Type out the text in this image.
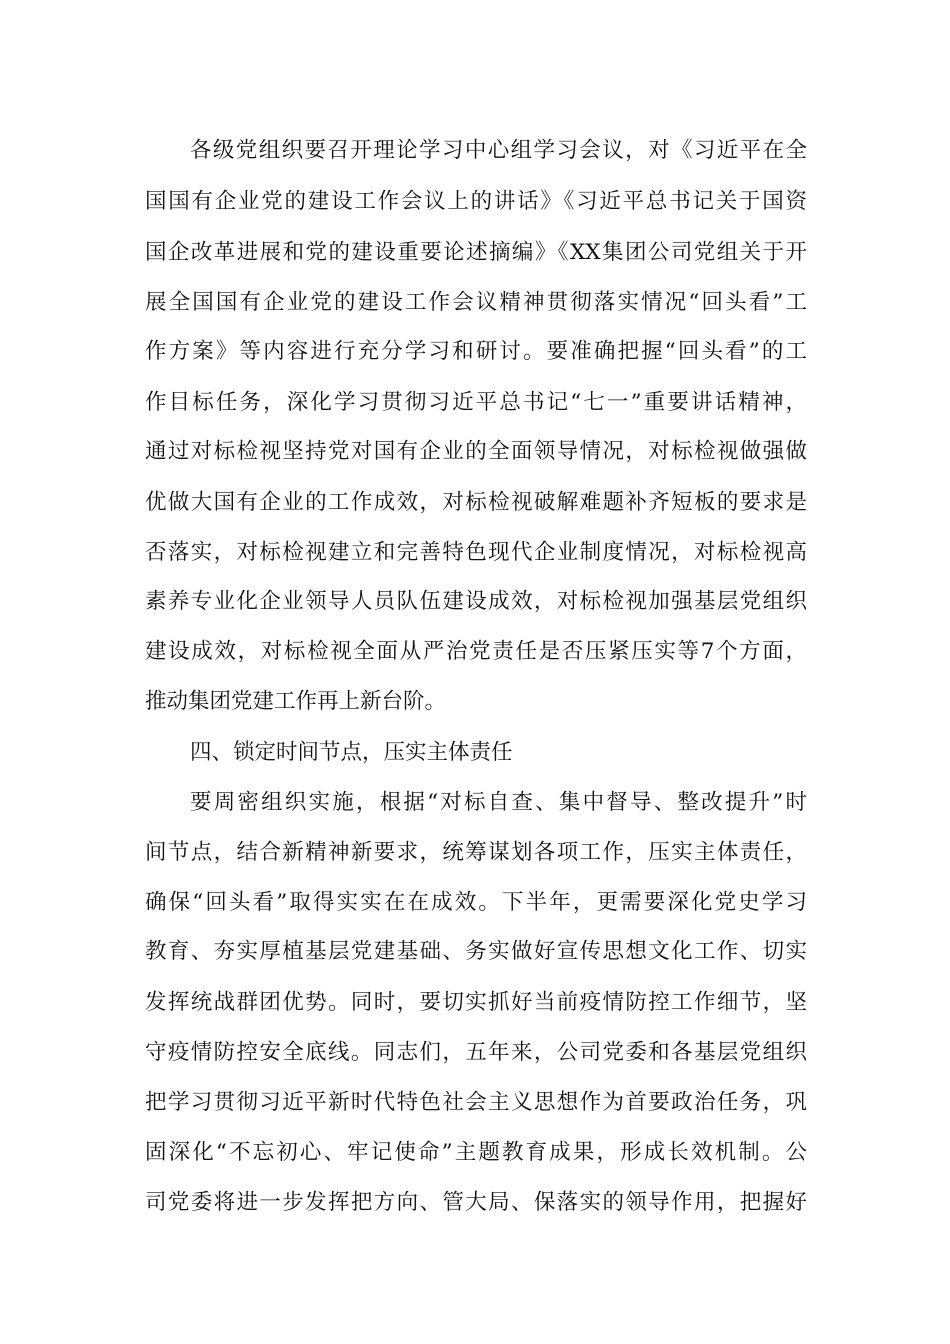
各级党组织要召开理论学习中心组学习会议，对《习近平在全
国国有企业党的建设工作会议上的讲话》《习近平总书记关于国资
国企改革进展和党的建设重要论述摘编》《XX集团公司党组关于开
展全国国有企业党的建设工作会议精神贯彻落实情况“回头看”工
作方案》等内容进行充分学习和研讨。要准确把握“回头看”的工
作目标任务，深化学习贯彻习近平总书记“七一”重要讲话精神，
通过对标检视坚持党对国有企业的全面领导情况，对标检视做强做
优做大国有企业的工作成效，对标检视破解难题补齐短板的要求是
否落实，对标检视建立和完善特色现代企业制度情况，对标检视高
素养专业化企业领导人员队伍建设成效，对标检视加强基层党组织
建设成效，对标检视全面从严治党责任是否压紧压实等7个方面，
推动集团党建工作再上新台阶。
四、锁定时间节点，压实主体责任
要周密组织实施，根据“对标自查、集中督导、整改提升”时
间节点，结合新精神新要求，统筹谋划各项工作，压实主体责任，
确保“回头看”取得实实在在成效。下半年，更需要深化党史学习
教育、夯实厚植基层党建基础、务实做好宣传思想文化工作、切实
发挥统战群团优势。同时，要切实抓好当前疫情防控工作细节，坚
守疫情防控安全底线。同志们，五年来，公司党委和各基层党组织
把学习贯彻习近平新时代特色社会主义思想作为首要政治任务，巩
固深化“不忘初心、牢记使命”主题教育成果，形成长效机制。公
司党委将进一步发挥把方向、管大局、保落实的领导作用，把握好
